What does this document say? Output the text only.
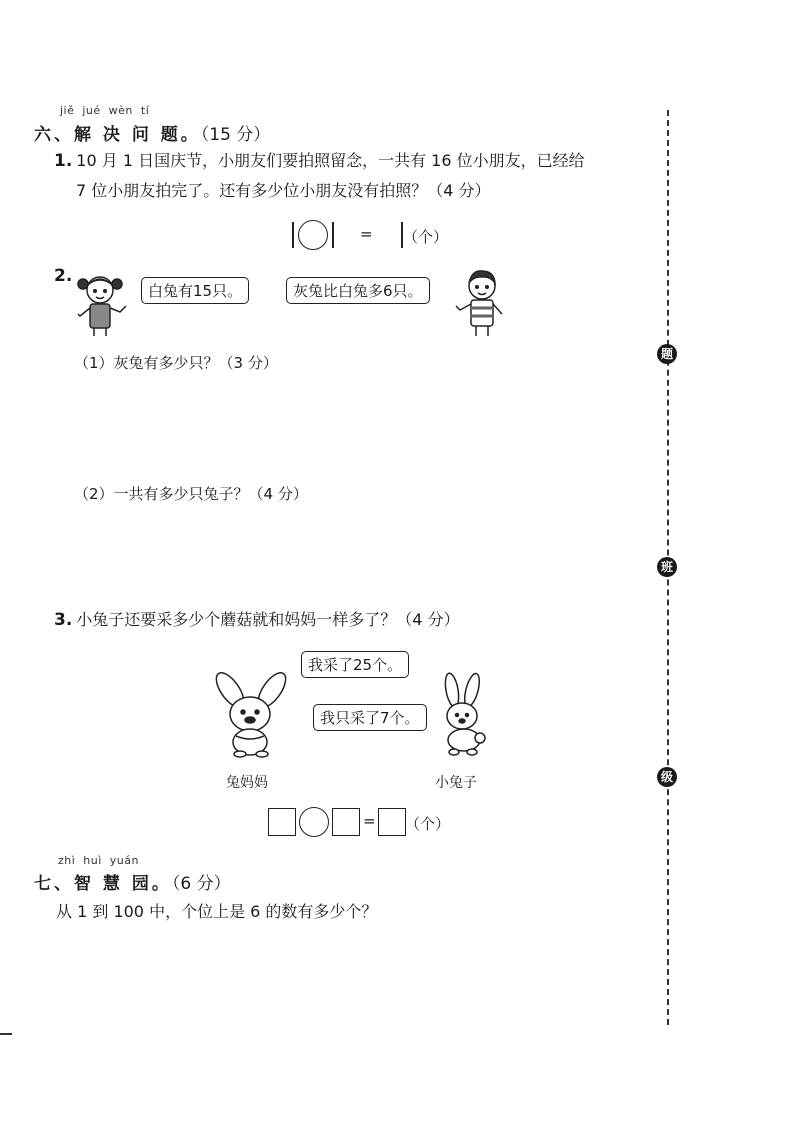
jiě  jué  wèn  tí
六、解 决 问 题。（15 分）
1. 10 月 1 日国庆节，小朋友们要拍照留念，一共有 16 位小朋友，已经给
7 位小朋友拍完了。还有多少位小朋友没有拍照？（4 分）
= （个）
2.
白兔有15只。	灰兔比白兔多6只。
（1）灰兔有多少只？（3 分）
（2）一共有多少只兔子？（4 分）
3. 小兔子还要采多少个蘑菇就和妈妈一样多了？（4 分）
我采了25个。
我只采了7个。
兔妈妈	小兔子
= （个）
zhì  huì  yuán
七、智 慧 园。（6 分）
从 1 到 100 中，个位上是 6 的数有多少个？
题
班
级
